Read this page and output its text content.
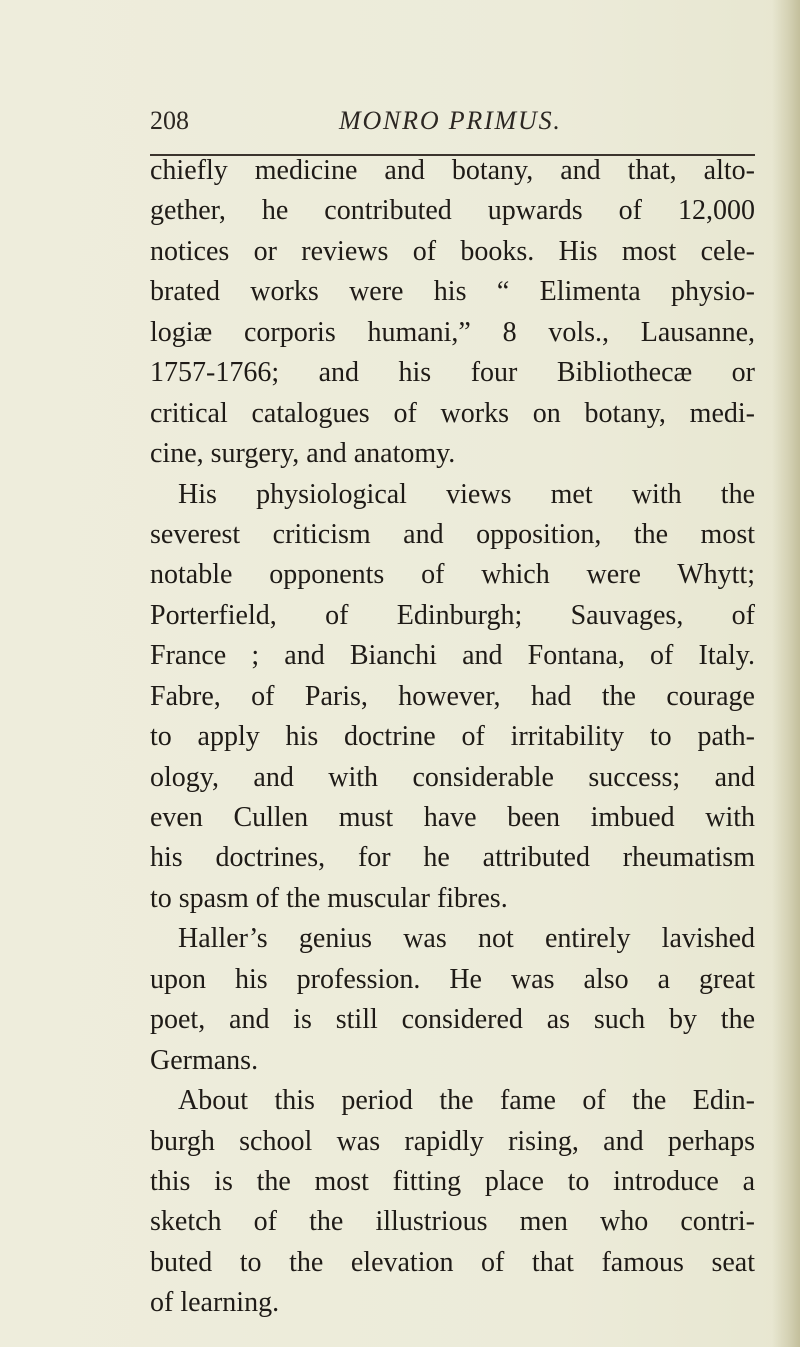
208	MONRO PRIMUS.
chiefly medicine and botany, and that, alto-
gether, he contributed upwards of 12,000
notices or reviews of books. His most cele-
brated works were his “ Elimenta physio-
logiæ corporis humani,” 8 vols., Lausanne,
1757-1766; and his four Bibliothecæ or
critical catalogues of works on botany, medi-
cine, surgery, and anatomy.
His physiological views met with the
severest criticism and opposition, the most
notable opponents of which were Whytt;
Porterfield, of Edinburgh; Sauvages, of
France ; and Bianchi and Fontana, of Italy.
Fabre, of Paris, however, had the courage
to apply his doctrine of irritability to path-
ology, and with considerable success; and
even Cullen must have been imbued with
his doctrines, for he attributed rheumatism
to spasm of the muscular fibres.
Haller’s genius was not entirely lavished
upon his profession. He was also a great
poet, and is still considered as such by the
Germans.
About this period the fame of the Edin-
burgh school was rapidly rising, and perhaps
this is the most fitting place to introduce a
sketch of the illustrious men who contri-
buted to the elevation of that famous seat
of learning.
